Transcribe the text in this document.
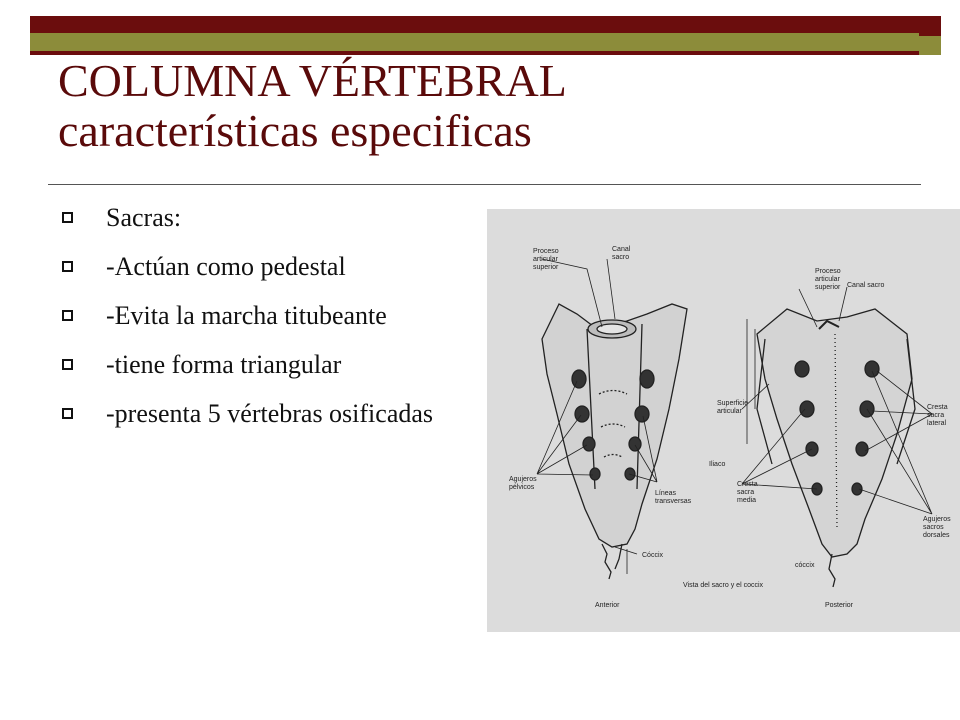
COLUMNA VÉRTEBRAL
características especificas
Sacras:
-Actúan como pedestal
-Evita la marcha titubeante
-tiene forma triangular
-presenta 5 vértebras osificadas
Proceso
articular
superior
Canal
sacro
Agujeros
pélvicos
Líneas
transversas
Cóccix
Anterior
Proceso
articular
superior Canal sacro
Superficie
articular
Cresta
sacra
lateral
Iliaco
Cresta
sacra
media
Agujeros
sacros
dorsales
cóccix
Vista del sacro y el coccix
Posterior
